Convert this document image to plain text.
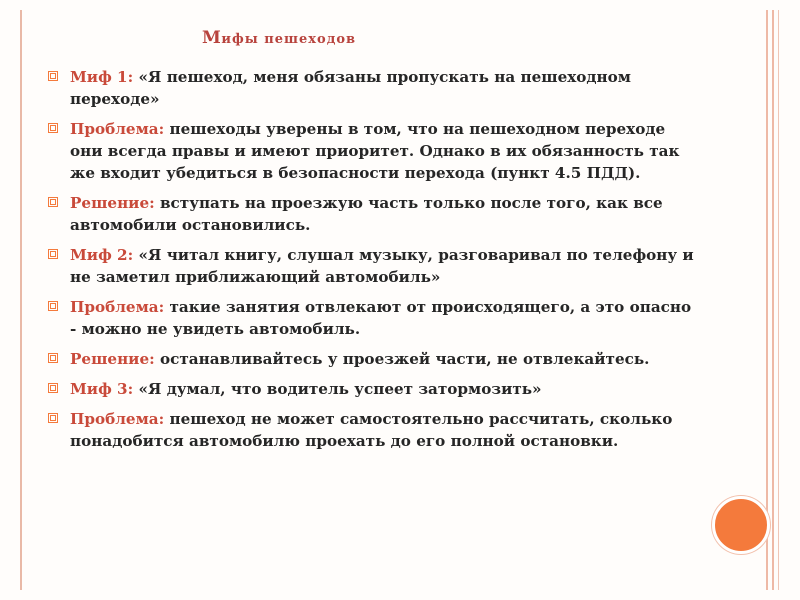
Мифы пешеходов
Миф 1: «Я пешеход, меня обязаны пропускать на пешеходном переходе»
Проблема: пешеходы уверены в том, что на пешеходном переходе они всегда правы и имеют приоритет. Однако в их обязанность так же входит убедиться в безопасности перехода (пункт 4.5 ПДД).
Решение: вступать на проезжую часть только после того, как все автомобили остановились.
Миф 2: «Я читал книгу, слушал музыку, разговаривал по телефону и не заметил приближающий автомобиль»
Проблема: такие занятия отвлекают от происходящего, а это опасно - можно не увидеть автомобиль.
Решение: останавливайтесь у проезжей части, не отвлекайтесь.
Миф 3: «Я думал, что водитель успеет затормозить»
Проблема: пешеход не может самостоятельно рассчитать, сколько понадобится автомобилю проехать до его полной остановки.
